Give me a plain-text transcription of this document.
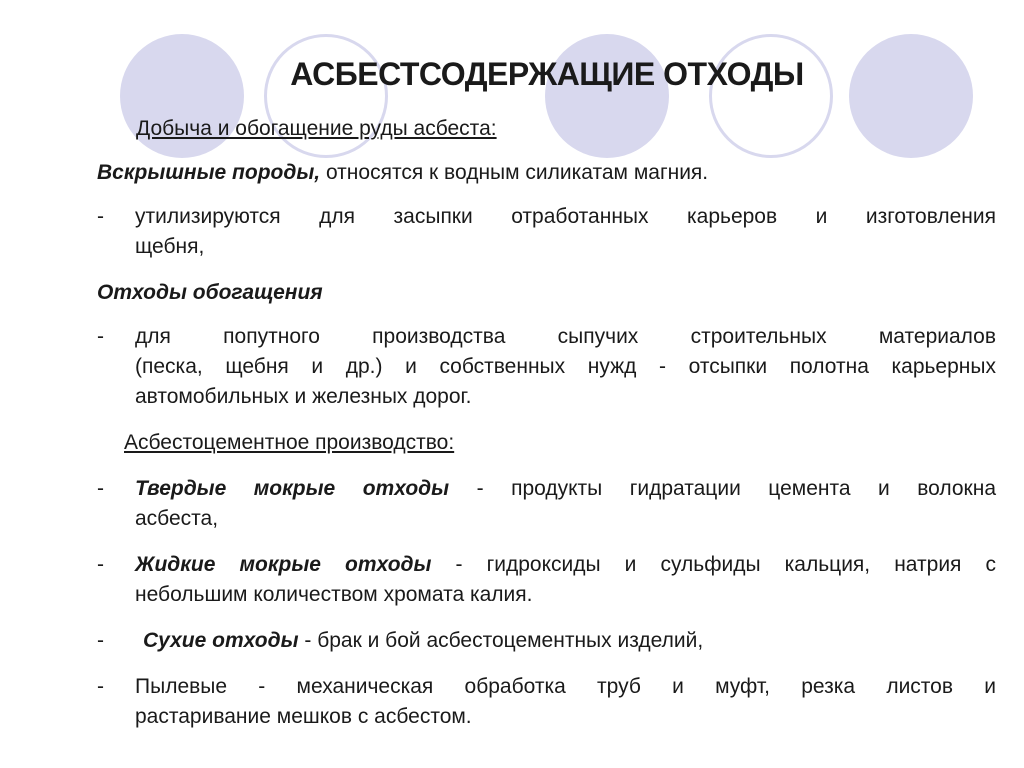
АСБЕСТСОДЕРЖАЩИЕ ОТХОДЫ

Добыча и обогащение руды асбеста:

Вскрышные породы, относятся к водным силикатам магния.

- утилизируются для засыпки отработанных карьеров и изготовления
щебня,

Отходы обогащения

- для попутного производства сыпучих строительных материалов
(песка, щебня и др.) и собственных нужд - отсыпки полотна карьерных
автомобильных и железных дорог.

Асбестоцементное производство:

- Твердые мокрые отходы - продукты гидратации цемента и волокна
асбеста,
- Жидкие мокрые отходы - гидроксиды и сульфиды кальция, натрия с
небольшим количеством хромата калия.
-	Сухие отходы - брак и бой асбестоцементных изделий,
- Пылевые - механическая обработка труб и муфт, резка листов и
растаривание мешков с асбестом.
